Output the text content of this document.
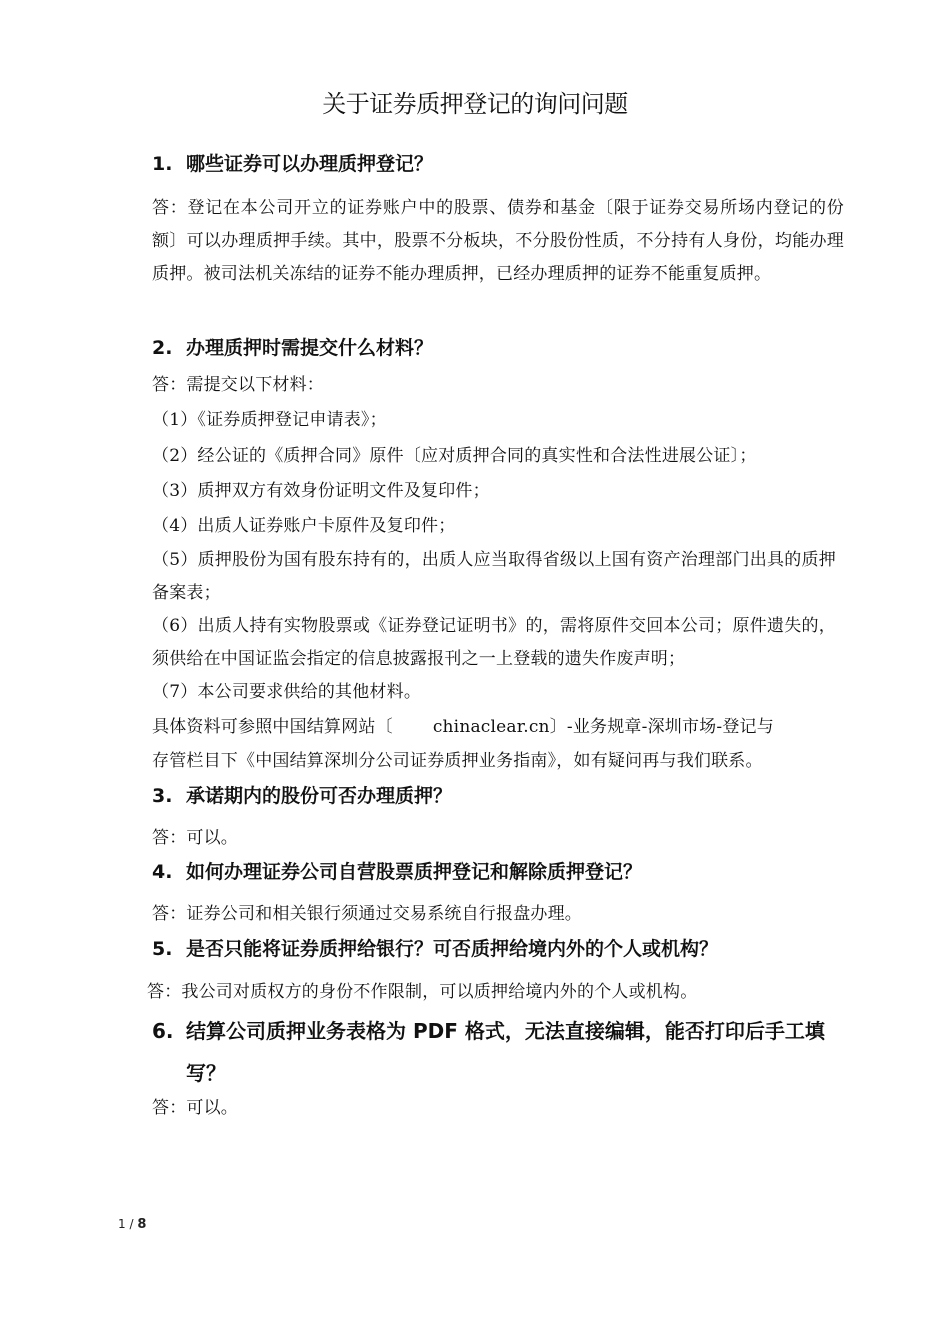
关于证券质押登记的询问问题
1. 哪些证券可以办理质押登记？
答：登记在本公司开立的证券账户中的股票、债券和基金〔限于证券交易所场内登记的份额〕可以办理质押手续。其中，股票不分板块，不分股份性质，不分持有人身份，均能办理质押。被司法机关冻结的证券不能办理质押，已经办理质押的证券不能重复质押。
2. 办理质押时需提交什么材料？
答：需提交以下材料：
（1）《证券质押登记申请表》；
（2）经公证的《质押合同》原件〔应对质押合同的真实性和合法性进展公证〕；
（3）质押双方有效身份证明文件及复印件；
（4）出质人证券账户卡原件及复印件；
（5）质押股份为国有股东持有的，出质人应当取得省级以上国有资产治理部门出具的质押备案表；
（6）出质人持有实物股票或《证券登记证明书》的，需将原件交回本公司；原件遗失的，须供给在中国证监会指定的信息披露报刊之一上登载的遗失作废声明；
（7）本公司要求供给的其他材料。
具体资料可参照中国结算网站〔 chinaclear.cn〕-业务规章-深圳市场-登记与
存管栏目下《中国结算深圳分公司证券质押业务指南》，如有疑问再与我们联系。
3. 承诺期内的股份可否办理质押？
答：可以。
4. 如何办理证券公司自营股票质押登记和解除质押登记？
答：证券公司和相关银行须通过交易系统自行报盘办理。
5. 是否只能将证券质押给银行？可否质押给境内外的个人或机构？
答：我公司对质权方的身份不作限制，可以质押给境内外的个人或机构。
6. 结算公司质押业务表格为 PDF 格式，无法直接编辑，能否打印后手工填写？
答：可以。
1 / 8
